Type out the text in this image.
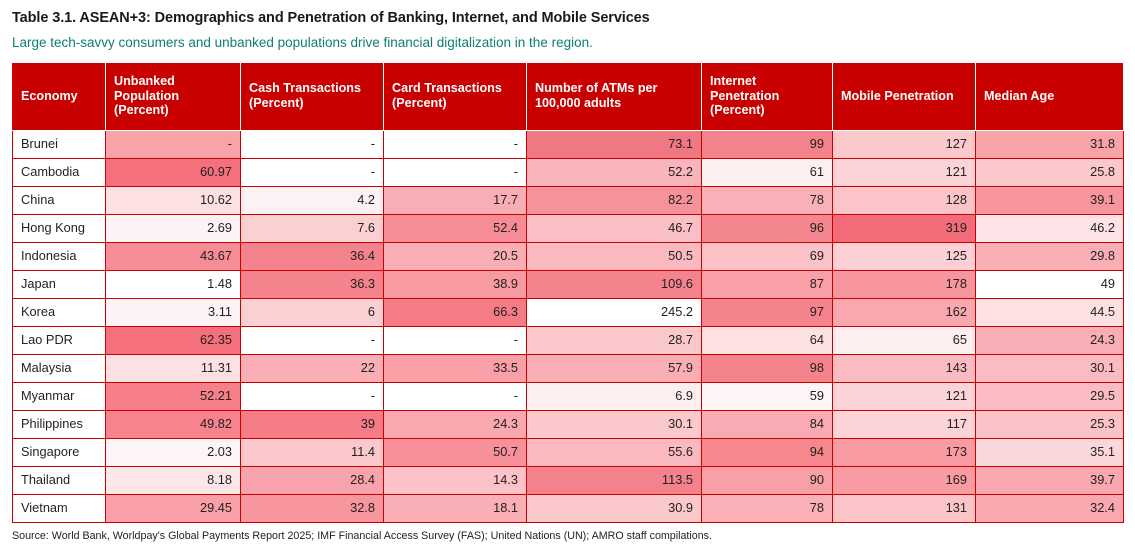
Table 3.1. ASEAN+3: Demographics and Penetration of Banking, Internet, and Mobile Services
Large tech-savvy consumers and unbanked populations drive financial digitalization in the region.
Economy	Unbanked Population (Percent)	Cash Transactions (Percent)	Card Transactions (Percent)	Number of ATMs per 100,000 adults	Internet Penetration (Percent)	Mobile Penetration	Median Age
Brunei	-	-	-	73.1	99	127	31.8
Cambodia	60.97	-	-	52.2	61	121	25.8
China	10.62	4.2	17.7	82.2	78	128	39.1
Hong Kong	2.69	7.6	52.4	46.7	96	319	46.2
Indonesia	43.67	36.4	20.5	50.5	69	125	29.8
Japan	1.48	36.3	38.9	109.6	87	178	49
Korea	3.11	6	66.3	245.2	97	162	44.5
Lao PDR	62.35	-	-	28.7	64	65	24.3
Malaysia	11.31	22	33.5	57.9	98	143	30.1
Myanmar	52.21	-	-	6.9	59	121	29.5
Philippines	49.82	39	24.3	30.1	84	117	25.3
Singapore	2.03	11.4	50.7	55.6	94	173	35.1
Thailand	8.18	28.4	14.3	113.5	90	169	39.7
Vietnam	29.45	32.8	18.1	30.9	78	131	32.4
Source: World Bank, Worldpay's Global Payments Report 2025; IMF Financial Access Survey (FAS); United Nations (UN); AMRO staff compilations.
